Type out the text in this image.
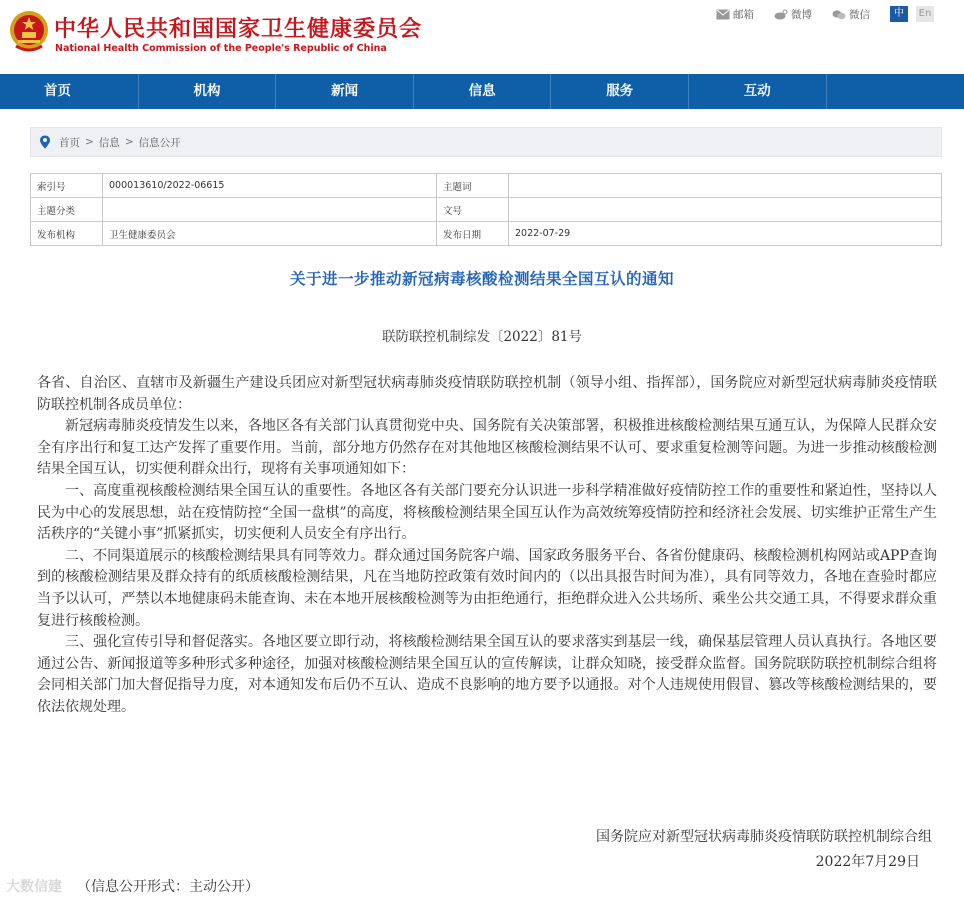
中华人民共和国国家卫生健康委员会
National Health Commission of the People's Republic of China
邮箱	微博	微信	中	En
首页	机构	新闻	信息	服务	互动
首页 > 信息 > 信息公开
索引号	000013610/2022-06615	主题词	
主题分类		文号	
发布机构	卫生健康委员会	发布日期	2022-07-29
关于进一步推动新冠病毒核酸检测结果全国互认的通知
联防联控机制综发〔2022〕81号

各省、自治区、直辖市及新疆生产建设兵团应对新型冠状病毒肺炎疫情联防联控机制（领导小组、指挥部），国务院应对新型冠状病毒肺炎疫情联防联控机制各成员单位：

新冠病毒肺炎疫情发生以来，各地区各有关部门认真贯彻党中央、国务院有关决策部署，积极推进核酸检测结果互通互认，为保障人民群众安全有序出行和复工达产发挥了重要作用。当前，部分地方仍然存在对其他地区核酸检测结果不认可、要求重复检测等问题。为进一步推动核酸检测结果全国互认，切实便利群众出行，现将有关事项通知如下：

一、高度重视核酸检测结果全国互认的重要性。各地区各有关部门要充分认识进一步科学精准做好疫情防控工作的重要性和紧迫性，坚持以人民为中心的发展思想，站在疫情防控“全国一盘棋”的高度，将核酸检测结果全国互认作为高效统筹疫情防控和经济社会发展、切实维护正常生产生活秩序的“关键小事”抓紧抓实，切实便利人员安全有序出行。

二、不同渠道展示的核酸检测结果具有同等效力。群众通过国务院客户端、国家政务服务平台、各省份健康码、核酸检测机构网站或APP查询到的核酸检测结果及群众持有的纸质核酸检测结果，凡在当地防控政策有效时间内的（以出具报告时间为准），具有同等效力，各地在查验时都应当予以认可，严禁以本地健康码未能查询、未在本地开展核酸检测等为由拒绝通行，拒绝群众进入公共场所、乘坐公共交通工具，不得要求群众重复进行核酸检测。

三、强化宣传引导和督促落实。各地区要立即行动，将核酸检测结果全国互认的要求落实到基层一线，确保基层管理人员认真执行。各地区要通过公告、新闻报道等多种形式多种途径，加强对核酸检测结果全国互认的宣传解读，让群众知晓，接受群众监督。国务院联防联控机制综合组将会同相关部门加大督促指导力度，对本通知发布后仍不互认、造成不良影响的地方要予以通报。对个人违规使用假冒、篡改等核酸检测结果的，要依法依规处理。

国务院应对新型冠状病毒肺炎疫情联防联控机制综合组
2022年7月29日
大数信建 （信息公开形式：主动公开）
